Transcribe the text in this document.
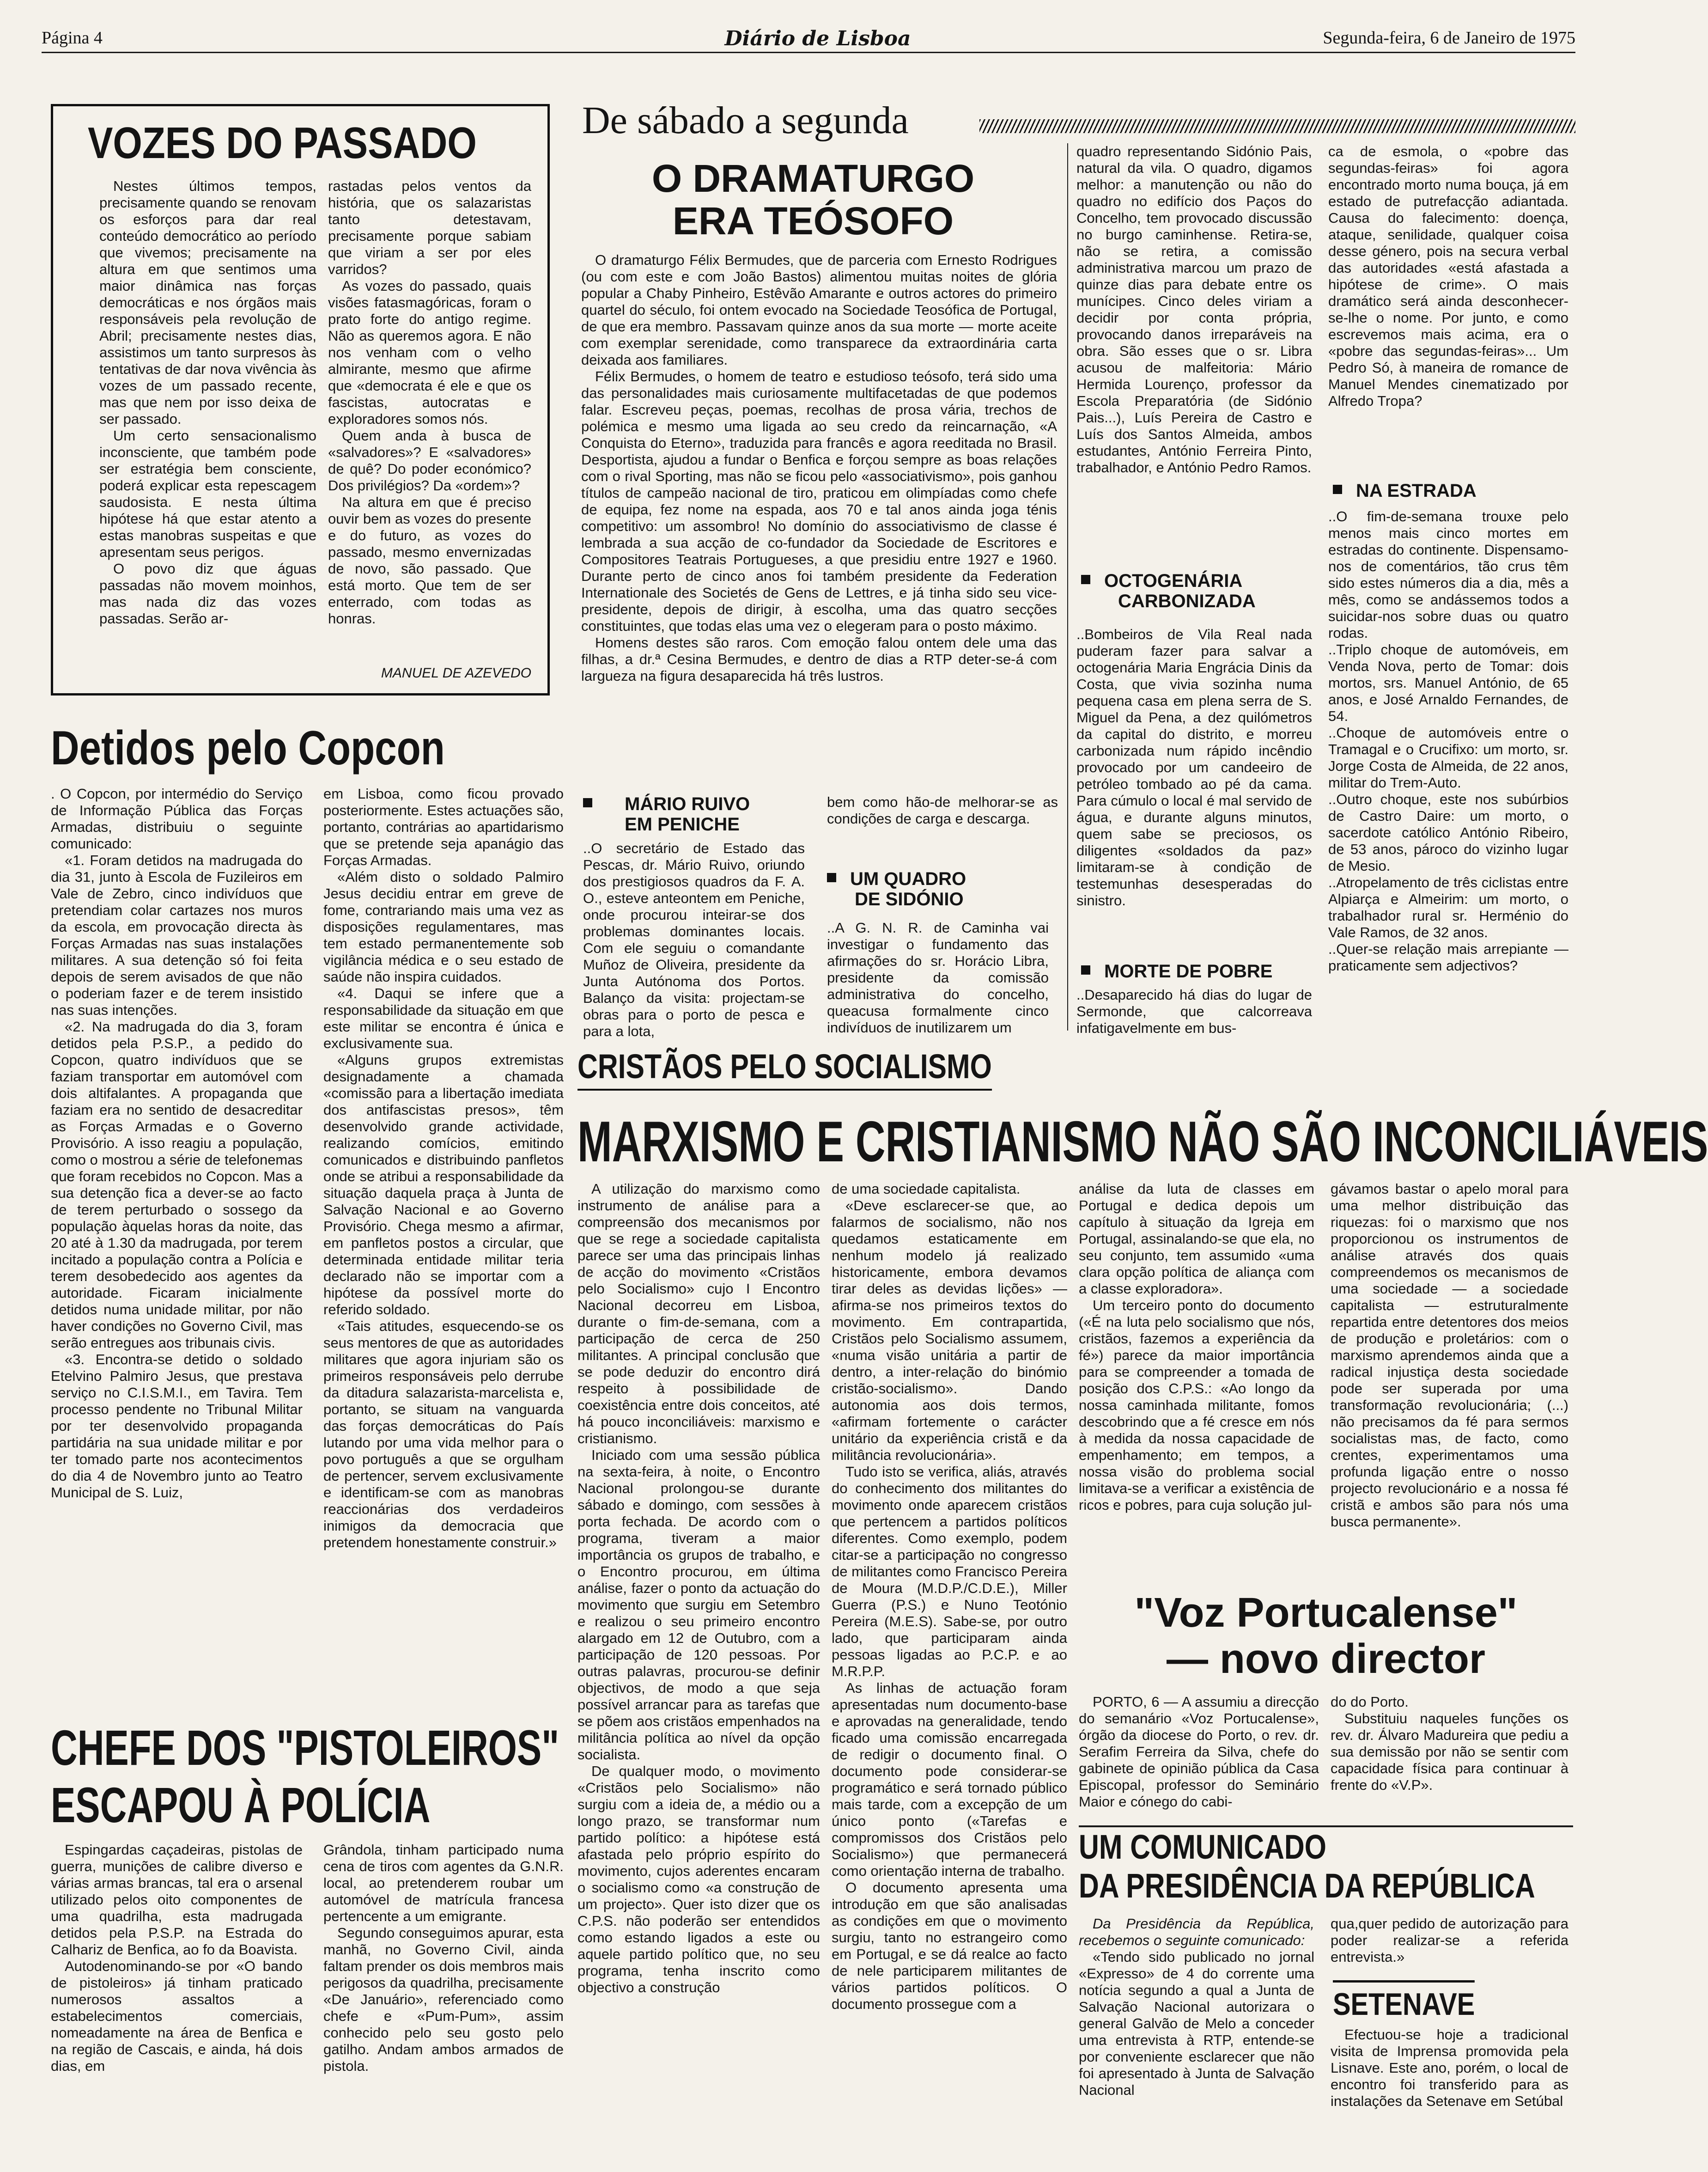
Página 4	Diário de Lisboa	Segunda-feira, 6 de Janeiro de 1975
VOZES DO PASSADO

Nestes últimos tempos, precisamente quando se renovam os esforços para dar real conteúdo democrático ao período que vivemos; precisamente na altura em que sentimos uma maior dinâmica nas forças democráticas e nos órgãos mais responsáveis pela revolução de Abril; precisamente nestes dias, assistimos um tanto surpresos às tentativas de dar nova vivência às vozes de um passado recente, mas que nem por isso deixa de ser passado.

Um certo sensacionalismo inconsciente, que também pode ser estratégia bem consciente, poderá explicar esta repescagem saudosista. E nesta última hipótese há que estar atento a estas manobras suspeitas e que apresentam seus perigos.

O povo diz que águas passadas não movem moinhos, mas nada diz das vozes passadas. Serão ar-

rastadas pelos ventos da história, que os salazaristas tanto detestavam, precisamente porque sabiam que viriam a ser por eles varridos?

As vozes do passado, quais visões fatasmagóricas, foram o prato forte do antigo regime. Não as queremos agora. E não nos venham com o velho almirante, mesmo que afirme que «democrata é ele e que os fascistas, autocratas e exploradores somos nós.

Quem anda à busca de «salvadores»? E «salvadores» de quê? Do poder económico? Dos privilégios? Da «ordem»?

Na altura em que é preciso ouvir bem as vozes do presente e do futuro, as vozes do passado, mesmo envernizadas de novo, são passado. Que está morto. Que tem de ser enterrado, com todas as honras.

MANUEL DE AZEVEDO
De sábado a segunda
O DRAMATURGO
ERA TEÓSOFO

O dramaturgo Félix Bermudes, que de parceria com Ernesto Rodrigues (ou com este e com João Bastos) alimentou muitas noites de glória popular a Chaby Pinheiro, Estêvão Amarante e outros actores do primeiro quartel do século, foi ontem evocado na Sociedade Teosófica de Portugal, de que era membro. Passavam quinze anos da sua morte — morte aceite com exemplar serenidade, como transparece da extraordinária carta deixada aos familiares.

Félix Bermudes, o homem de teatro e estudioso teósofo, terá sido uma das personalidades mais curiosamente multifacetadas de que podemos falar. Escreveu peças, poemas, recolhas de prosa vária, trechos de polémica e mesmo uma ligada ao seu credo da reincarnação, «A Conquista do Eterno», traduzida para francês e agora reeditada no Brasil. Desportista, ajudou a fundar o Benfica e forçou sempre as boas relações com o rival Sporting, mas não se ficou pelo «associativismo», pois ganhou títulos de campeão nacional de tiro, praticou em olimpíadas como chefe de equipa, fez nome na espada, aos 70 e tal anos ainda joga ténis competitivo: um assombro! No domínio do associativismo de classe é lembrada a sua acção de co-fundador da Sociedade de Escritores e Compositores Teatrais Portugueses, a que presidiu entre 1927 e 1960. Durante perto de cinco anos foi também presidente da Federation Internationale des Societés de Gens de Lettres, e já tinha sido seu vice-presidente, depois de dirigir, à escolha, uma das quatro secções constituintes, que todas elas uma vez o elegeram para o posto máximo.

Homens destes são raros. Com emoção falou ontem dele uma das filhas, a dr.ª Cesina Bermudes, e dentro de dias a RTP deter-se-á com largueza na figura desaparecida há três lustros.

MÁRIO RUIVO
EM PENICHE

..O secretário de Estado das Pescas, dr. Mário Ruivo, oriundo dos prestigiosos quadros da F. A. O., esteve anteontem em Peniche, onde procurou inteirar-se dos problemas dominantes locais. Com ele seguiu o comandante Muñoz de Oliveira, presidente da Junta Autónoma dos Portos. Balanço da visita: projectam-se obras para o porto de pesca e para a lota,

bem como hão-de melhorar-se as condições de carga e descarga.

UM QUADRO
DE SIDÓNIO

..A G. N. R. de Caminha vai investigar o fundamento das afirmações do sr. Horácio Libra, presidente da comissão administrativa do concelho, queacusa formalmente cinco indivíduos de inutilizarem um

quadro representando Sidónio Pais, natural da vila. O quadro, digamos melhor: a manutenção ou não do quadro no edifício dos Paços do Concelho, tem provocado discussão no burgo caminhense. Retira-se, não se retira, a comissão administrativa marcou um prazo de quinze dias para debate entre os munícipes. Cinco deles viriam a decidir por conta própria, provocando danos irreparáveis na obra. São esses que o sr. Libra acusou de malfeitoria: Mário Hermida Lourenço, professor da Escola Preparatória (de Sidónio Pais...), Luís Pereira de Castro e Luís dos Santos Almeida, ambos estudantes, António Ferreira Pinto, trabalhador, e António Pedro Ramos.

OCTOGENÁRIA
CARBONIZADA

..Bombeiros de Vila Real nada puderam fazer para salvar a octogenária Maria Engrácia Dinis da Costa, que vivia sozinha numa pequena casa em plena serra de S. Miguel da Pena, a dez quilómetros da capital do distrito, e morreu carbonizada num rápido incêndio provocado por um candeeiro de petróleo tombado ao pé da cama. Para cúmulo o local é mal servido de água, e durante alguns minutos, quem sabe se preciosos, os diligentes «soldados da paz» limitaram-se à condição de testemunhas desesperadas do sinistro.

MORTE DE POBRE

..Desaparecido há dias do lugar de Sermonde, que calcorreava infatigavelmente em bus-

ca de esmola, o «pobre das segundas-feiras» foi agora encontrado morto numa bouça, já em estado de putrefacção adiantada. Causa do falecimento: doença, ataque, senilidade, qualquer coisa desse género, pois na secura verbal das autoridades «está afastada a hipótese de crime». O mais dramático será ainda desconhecer-se-lhe o nome. Por junto, e como escrevemos mais acima, era o «pobre das segundas-feiras»... Um Pedro Só, à maneira de romance de Manuel Mendes cinematizado por Alfredo Tropa?

NA ESTRADA

..O fim-de-semana trouxe pelo menos mais cinco mortes em estradas do continente. Dispensamo-nos de comentários, tão crus têm sido estes números dia a dia, mês a mês, como se andássemos todos a suicidar-nos sobre duas ou quatro rodas.

..Triplo choque de automóveis, em Venda Nova, perto de Tomar: dois mortos, srs. Manuel António, de 65 anos, e José Arnaldo Fernandes, de 54.

..Choque de automóveis entre o Tramagal e o Crucifixo: um morto, sr. Jorge Costa de Almeida, de 22 anos, militar do Trem-Auto.

..Outro choque, este nos subúrbios de Castro Daire: um morto, o sacerdote católico António Ribeiro, de 53 anos, pároco do vizinho lugar de Mesio.

..Atropelamento de três ciclistas entre Alpiarça e Almeirim: um morto, o trabalhador rural sr. Herménio do Vale Ramos, de 32 anos.

..Quer-se relação mais arrepiante — praticamente sem adjectivos?

Detidos pelo Copcon

. O Copcon, por intermédio do Serviço de Informação Pública das Forças Armadas, distribuiu o seguinte comunicado:

«1. Foram detidos na madrugada do dia 31, junto à Escola de Fuzileiros em Vale de Zebro, cinco indivíduos que pretendiam colar cartazes nos muros da escola, em provocação directa às Forças Armadas nas suas instalações militares. A sua detenção só foi feita depois de serem avisados de que não o poderiam fazer e de terem insistido nas suas intenções.

«2. Na madrugada do dia 3, foram detidos pela P.S.P., a pedido do Copcon, quatro indivíduos que se faziam transportar em automóvel com dois altifalantes. A propaganda que faziam era no sentido de desacreditar as Forças Armadas e o Governo Provisório. A isso reagiu a população, como o mostrou a série de telefonemas que foram recebidos no Copcon. Mas a sua detenção fica a dever-se ao facto de terem perturbado o sossego da população àquelas horas da noite, das 20 até à 1.30 da madrugada, por terem incitado a população contra a Polícia e terem desobedecido aos agentes da autoridade. Ficaram inicialmente detidos numa unidade militar, por não haver condições no Governo Civil, mas serão entregues aos tribunais civis.

«3. Encontra-se detido o soldado Etelvino Palmiro Jesus, que prestava serviço no C.I.S.M.I., em Tavira. Tem processo pendente no Tribunal Militar por ter desenvolvido propaganda partidária na sua unidade militar e por ter tomado parte nos acontecimentos do dia 4 de Novembro junto ao Teatro Municipal de S. Luiz,

em Lisboa, como ficou provado posteriormente. Estes actuações são, portanto, contrárias ao apartidarismo que se pretende seja apanágio das Forças Armadas.

«Além disto o soldado Palmiro Jesus decidiu entrar em greve de fome, contrariando mais uma vez as disposições regulamentares, mas tem estado permanentemente sob vigilância médica e o seu estado de saúde não inspira cuidados.

«4. Daqui se infere que a responsabilidade da situação em que este militar se encontra é única e exclusivamente sua.

«Alguns grupos extremistas designadamente a chamada «comissão para a libertação imediata dos antifascistas presos», têm desenvolvido grande actividade, realizando comícios, emitindo comunicados e distribuindo panfletos onde se atribui a responsabilidade da situação daquela praça à Junta de Salvação Nacional e ao Governo Provisório. Chega mesmo a afirmar, em panfletos postos a circular, que determinada entidade militar teria declarado não se importar com a hipótese da possível morte do referido soldado.

«Tais atitudes, esquecendo-se os seus mentores de que as autoridades militares que agora injuriam são os primeiros responsáveis pelo derrube da ditadura salazarista-marcelista e, portanto, se situam na vanguarda das forças democráticas do País lutando por uma vida melhor para o povo português a que se orgulham de pertencer, servem exclusivamente e identificam-se com as manobras reaccionárias dos verdadeiros inimigos da democracia que pretendem honestamente construir.»

CRISTÃOS PELO SOCIALISMO
MARXISMO E CRISTIANISMO NÃO SÃO INCONCILIÁVEIS

A utilização do marxismo como instrumento de análise para a compreensão dos mecanismos por que se rege a sociedade capitalista parece ser uma das principais linhas de acção do movimento «Cristãos pelo Socialismo» cujo I Encontro Nacional decorreu em Lisboa, durante o fim-de-semana, com a participação de cerca de 250 militantes. A principal conclusão que se pode deduzir do encontro dirá respeito à possibilidade de coexistência entre dois conceitos, até há pouco inconciliáveis: marxismo e cristianismo.

Iniciado com uma sessão pública na sexta-feira, à noite, o Encontro Nacional prolongou-se durante sábado e domingo, com sessões à porta fechada. De acordo com o programa, tiveram a maior importância os grupos de trabalho, e o Encontro procurou, em última análise, fazer o ponto da actuação do movimento que surgiu em Setembro e realizou o seu primeiro encontro alargado em 12 de Outubro, com a participação de 120 pessoas. Por outras palavras, procurou-se definir objectivos, de modo a que seja possível arrancar para as tarefas que se põem aos cristãos empenhados na militância política ao nível da opção socialista.

De qualquer modo, o movimento «Cristãos pelo Socialismo» não surgiu com a ideia de, a médio ou a longo prazo, se transformar num partido político: a hipótese está afastada pelo próprio espírito do movimento, cujos aderentes encaram o socialismo como «a construção de um projecto». Quer isto dizer que os C.P.S. não poderão ser entendidos como estando ligados a este ou aquele partido político que, no seu programa, tenha inscrito como objectivo a construção

de uma sociedade capitalista.

«Deve esclarecer-se que, ao falarmos de socialismo, não nos quedamos estaticamente em nenhum modelo já realizado historicamente, embora devamos tirar deles as devidas lições» — afirma-se nos primeiros textos do movimento. Em contrapartida, Cristãos pelo Socialismo assumem, «numa visão unitária a partir de dentro, a inter-relação do binómio cristão-socialismo». Dando autonomia aos dois termos, «afirmam fortemente o carácter unitário da experiência cristã e da militância revolucionária».

Tudo isto se verifica, aliás, através do conhecimento dos militantes do movimento onde aparecem cristãos que pertencem a partidos políticos diferentes. Como exemplo, podem citar-se a participação no congresso de militantes como Francisco Pereira de Moura (M.D.P./C.D.E.), Miller Guerra (P.S.) e Nuno Teotónio Pereira (M.E.S). Sabe-se, por outro lado, que participaram ainda pessoas ligadas ao P.C.P. e ao M.R.P.P.

As linhas de actuação foram apresentadas num documento-base e aprovadas na generalidade, tendo ficado uma comissão encarregada de redigir o documento final. O documento pode considerar-se programático e será tornado público mais tarde, com a excepção de um único ponto («Tarefas e compromissos dos Cristãos pelo Socialismo») que permanecerá como orientação interna de trabalho.

O documento apresenta uma introdução em que são analisadas as condições em que o movimento surgiu, tanto no estrangeiro como em Portugal, e se dá realce ao facto de nele participarem militantes de vários partidos políticos. O documento prossegue com a

análise da luta de classes em Portugal e dedica depois um capítulo à situação da Igreja em Portugal, assinalando-se que ela, no seu conjunto, tem assumido «uma clara opção política de aliança com a classe exploradora».

Um terceiro ponto do documento («É na luta pelo socialismo que nós, cristãos, fazemos a experiência da fé») parece da maior importância para se compreender a tomada de posição dos C.P.S.: «Ao longo da nossa caminhada militante, fomos descobrindo que a fé cresce em nós à medida da nossa capacidade de empenhamento; em tempos, a nossa visão do problema social limitava-se a verificar a existência de ricos e pobres, para cuja solução jul-

gávamos bastar o apelo moral para uma melhor distribuição das riquezas: foi o marxismo que nos proporcionou os instrumentos de análise através dos quais compreendemos os mecanismos de uma sociedade — a sociedade capitalista — estruturalmente repartida entre detentores dos meios de produção e proletários: com o marxismo aprendemos ainda que a radical injustiça desta sociedade pode ser superada por uma transformação revolucionária; (...) não precisamos da fé para sermos socialistas mas, de facto, como crentes, experimentamos uma profunda ligação entre o nosso projecto revolucionário e a nossa fé cristã e ambos são para nós uma busca permanente».

"Voz Portucalense"
— novo director

PORTO, 6 — A assumiu a direcção do semanário «Voz Portucalense», órgão da diocese do Porto, o rev. dr. Serafim Ferreira da Silva, chefe do gabinete de opinião pública da Casa Episcopal, professor do Seminário Maior e cónego do cabi-

do do Porto.

Substituiu naqueles funções os rev. dr. Álvaro Madureira que pediu a sua demissão por não se sentir com capacidade física para continuar à frente do «V.P».

UM COMUNICADO
DA PRESIDÊNCIA DA REPÚBLICA

Da Presidência da República, recebemos o seguinte comunicado:

«Tendo sido publicado no jornal «Expresso» de 4 do corrente uma notícia segundo a qual a Junta de Salvação Nacional autorizara o general Galvão de Melo a conceder uma entrevista à RTP, entende-se por conveniente esclarecer que não foi apresentado à Junta de Salvação Nacional

qua,quer pedido de autorização para poder realizar-se a referida entrevista.»

SETENAVE

Efectuou-se hoje a tradicional visita de Imprensa promovida pela Lisnave. Este ano, porém, o local de encontro foi transferido para as instalações da Setenave em Setúbal

CHEFE DOS "PISTOLEIROS"
ESCAPOU À POLÍCIA

Espingardas caçadeiras, pistolas de guerra, munições de calibre diverso e várias armas brancas, tal era o arsenal utilizado pelos oito componentes de uma quadrilha, esta madrugada detidos pela P.S.P. na Estrada do Calhariz de Benfica, ao fo da Boavista.

Autodenominando-se por «O bando de pistoleiros» já tinham praticado numerosos assaltos a estabelecimentos comerciais, nomeadamente na área de Benfica e na região de Cascais, e ainda, há dois dias, em

Grândola, tinham participado numa cena de tiros com agentes da G.N.R. local, ao pretenderem roubar um automóvel de matrícula francesa pertencente a um emigrante.

Segundo conseguimos apurar, esta manhã, no Governo Civil, ainda faltam prender os dois membros mais perigosos da quadrilha, precisamente «De Januário», referenciado como chefe e «Pum-Pum», assim conhecido pelo seu gosto pelo gatilho. Andam ambos armados de pistola.
